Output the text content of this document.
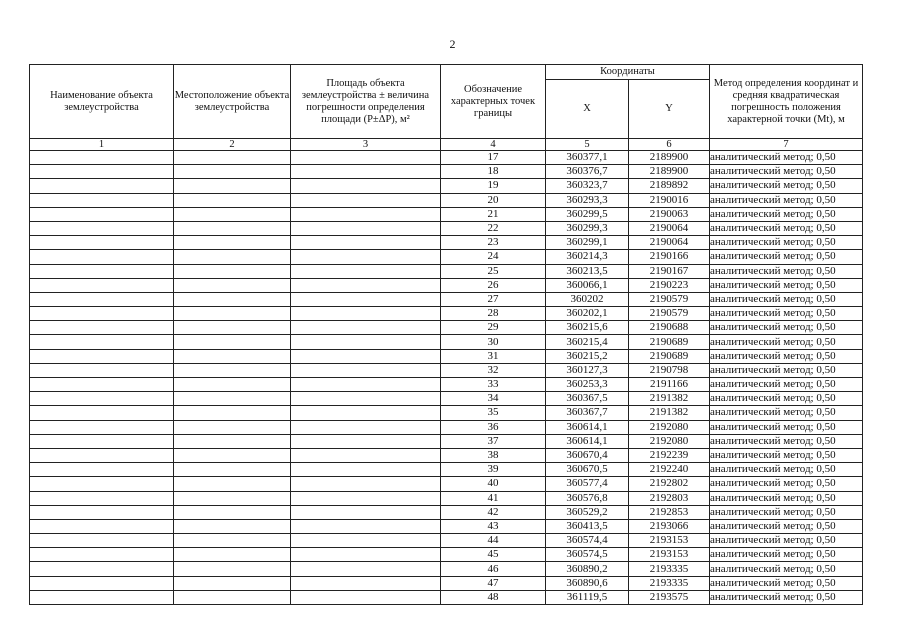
2
Наименование объекта землеустройства	Местоположение объекта землеустройства	Площадь объекта землеустройства ± величина погрешности определения площади (P±ΔP), м²	Обозначение характерных точек границы	Координаты		Метод определения координат и средняя квадратическая погрешность положения характерной точки (Mt), м
				X	Y	
1	2	3	4	5	6	7
			17	360377,1	2189900	аналитический метод; 0,50
			18	360376,7	2189900	аналитический метод; 0,50
			19	360323,7	2189892	аналитический метод; 0,50
			20	360293,3	2190016	аналитический метод; 0,50
			21	360299,5	2190063	аналитический метод; 0,50
			22	360299,3	2190064	аналитический метод; 0,50
			23	360299,1	2190064	аналитический метод; 0,50
			24	360214,3	2190166	аналитический метод; 0,50
			25	360213,5	2190167	аналитический метод; 0,50
			26	360066,1	2190223	аналитический метод; 0,50
			27	360202	2190579	аналитический метод; 0,50
			28	360202,1	2190579	аналитический метод; 0,50
			29	360215,6	2190688	аналитический метод; 0,50
			30	360215,4	2190689	аналитический метод; 0,50
			31	360215,2	2190689	аналитический метод; 0,50
			32	360127,3	2190798	аналитический метод; 0,50
			33	360253,3	2191166	аналитический метод; 0,50
			34	360367,5	2191382	аналитический метод; 0,50
			35	360367,7	2191382	аналитический метод; 0,50
			36	360614,1	2192080	аналитический метод; 0,50
			37	360614,1	2192080	аналитический метод; 0,50
			38	360670,4	2192239	аналитический метод; 0,50
			39	360670,5	2192240	аналитический метод; 0,50
			40	360577,4	2192802	аналитический метод; 0,50
			41	360576,8	2192803	аналитический метод; 0,50
			42	360529,2	2192853	аналитический метод; 0,50
			43	360413,5	2193066	аналитический метод; 0,50
			44	360574,4	2193153	аналитический метод; 0,50
			45	360574,5	2193153	аналитический метод; 0,50
			46	360890,2	2193335	аналитический метод; 0,50
			47	360890,6	2193335	аналитический метод; 0,50
			48	361119,5	2193575	аналитический метод; 0,50
